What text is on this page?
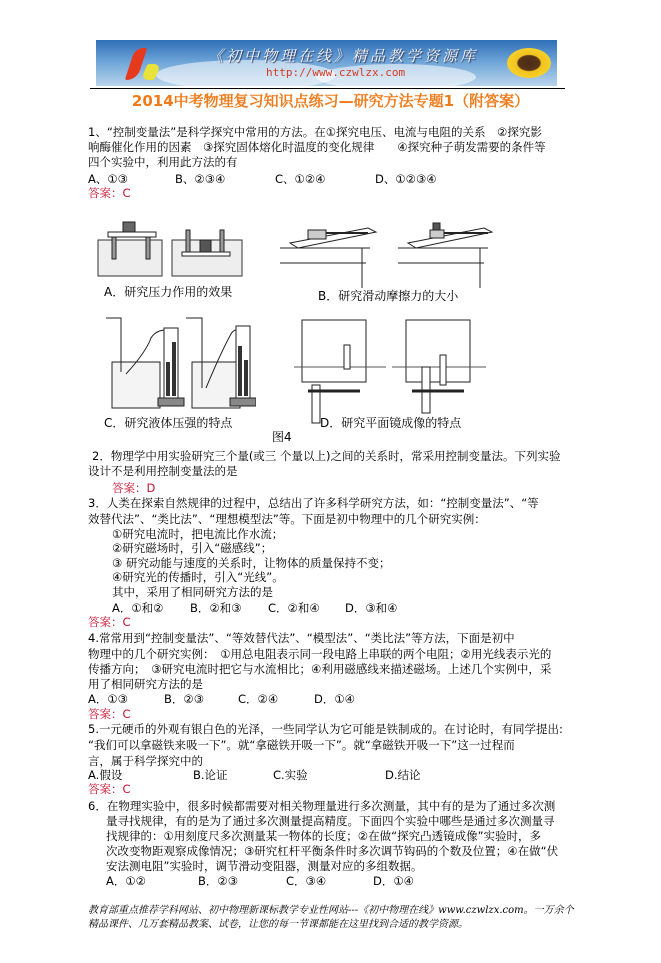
《初中物理在线》精品教学资源库
http://www.czwlzx.com
2014中考物理复习知识点练习—研究方法专题1（附答案）
1、“控制变量法”是科学探究中常用的方法。在①探究电压、电流与电阻的关系　②探究影
响酶催化作用的因素　③探究固体熔化时温度的变化规律　　④探究种子萌发需要的条件等
四个实验中，利用此方法的有
A、①③	B、②③④	C、①②④	D、①②③④
答案：C
A．研究压力作用的效果	B．研究滑动摩擦力的大小
C．研究液体压强的特点	D．研究平面镜成像的特点
图4
2．物理学中用实验研究三个量(或三 个量以上)之间的关系时，常采用控制变量法。下列实验
设计不是利用控制变量法的是
答案：D
3．人类在探索自然规律的过程中，总结出了许多科学研究方法，如：“控制变量法”、“等
效替代法”、“类比法”、“理想模型法”等。下面是初中物理中的几个研究实例：
①研究电流时，把电流比作水流；
②研究磁场时，引入“磁感线”；
③ 研究动能与速度的关系时，让物体的质量保持不变；
④研究光的传播时，引入“光线”。
其中，采用了相同研究方法的是
A．①和② B．②和③ C．②和④ D．③和④
答案：C
4.常常用到“控制变量法”、“等效替代法”、“模型法”、“类比法”等方法，下面是初中
物理中的几个研究实例：　①用总电阻表示同一段电路上串联的两个电阻；②用光线表示光的
传播方向；　③研究电流时把它与水流相比；④利用磁感线来描述磁场。上述几个实例中，采
用了相同研究方法的是
A．①③	B．②③	C．②④	D．①④
答案：C
5.一元硬币的外观有银白色的光泽，一些同学认为它可能是铁制成的。在讨论时，有同学提出:
“我们可以拿磁铁来吸一下”。就“拿磁铁开吸一下”。就“拿磁铁开吸一下”这一过程而
言，属于科学探究中的
A.假设	B.论证	C.实验	D.结论
答案：C
6．在物理实验中，很多时候都需要对相关物理量进行多次测量，其中有的是为了通过多次测
量寻找规律，有的是为了通过多次测量提高精度。下面四个实验中哪些是通过多次测量寻
找规律的：①用刻度尺多次测量某一物体的长度；②在做“探究凸透镜成像”实验时，多
次改变物距观察成像情况；③研究杠杆平衡条件时多次调节钩码的个数及位置；④在做“伏
安法测电阻”实验时，调节滑动变阻器，测量对应的多组数据。
A．①②	B．②③	C．③④	D．①④
教育部重点推荐学科网站、初中物理新课标教学专业性网站---《初中物理在线》www.czwlzx.com。一万余个
精品课件、几万套精品教案、试卷，让您的每一节课都能在这里找到合适的教学资源。
